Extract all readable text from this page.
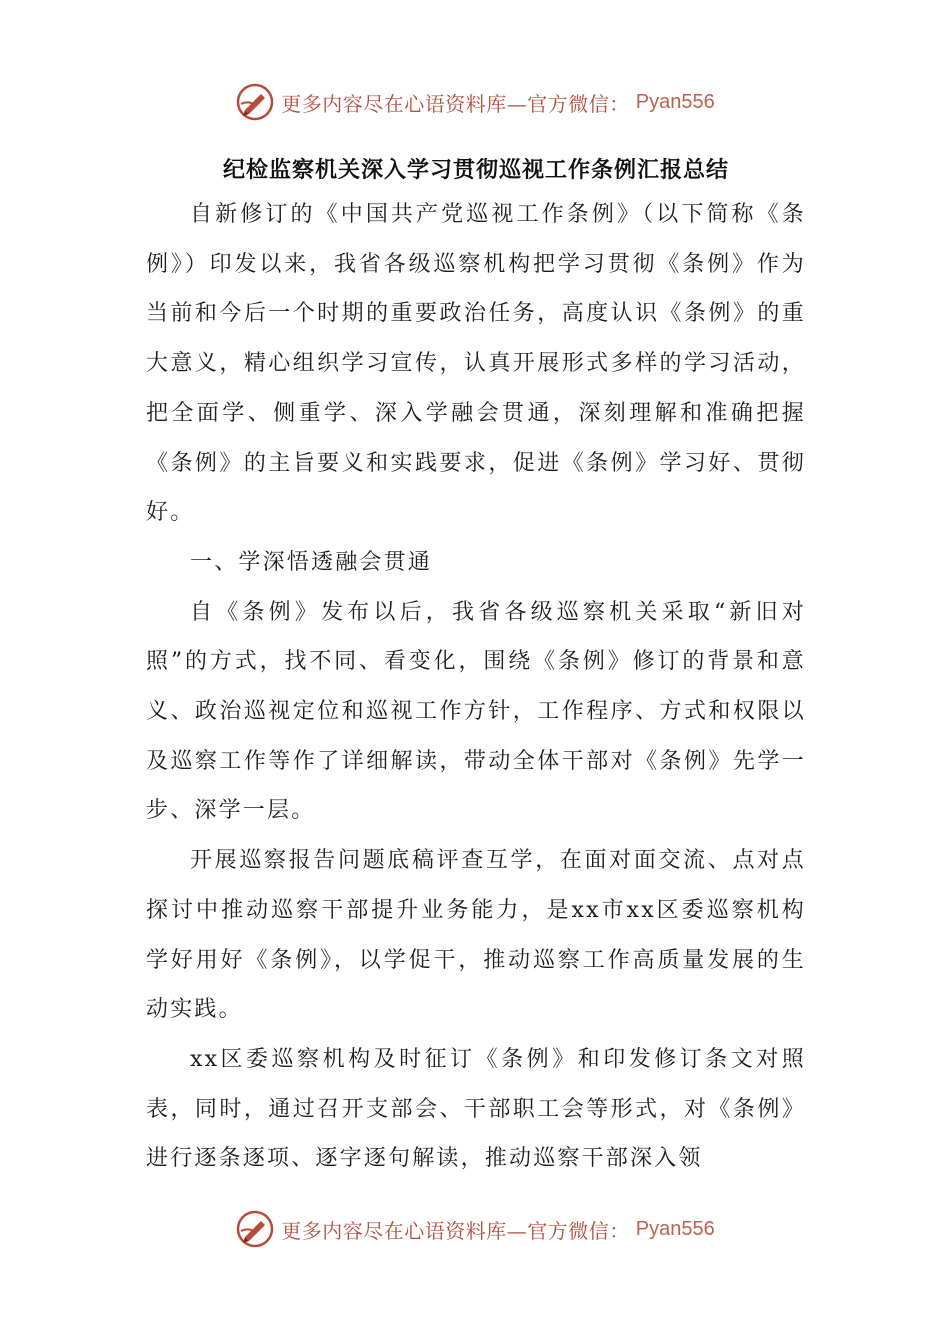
更多内容尽在心语资料库—官方微信： Pyan556
纪检监察机关深入学习贯彻巡视工作条例汇报总结

自新修订的《中国共产党巡视工作条例》（以下简称《条例》）印发以来，我省各级巡察机构把学习贯彻《条例》作为当前和今后一个时期的重要政治任务，高度认识《条例》的重大意义，精心组织学习宣传，认真开展形式多样的学习活动，把全面学、侧重学、深入学融会贯通，深刻理解和准确把握《条例》的主旨要义和实践要求，促进《条例》学习好、贯彻好。

一、学深悟透融会贯通

自《条例》发布以后，我省各级巡察机关采取“新旧对照”的方式，找不同、看变化，围绕《条例》修订的背景和意义、政治巡视定位和巡视工作方针，工作程序、方式和权限以及巡察工作等作了详细解读，带动全体干部对《条例》先学一步、深学一层。

开展巡察报告问题底稿评查互学，在面对面交流、点对点探讨中推动巡察干部提升业务能力，是xx市xx区委巡察机构学好用好《条例》，以学促干，推动巡察工作高质量发展的生动实践。

xx区委巡察机构及时征订《条例》和印发修订条文对照表，同时，通过召开支部会、干部职工会等形式，对《条例》进行逐条逐项、逐字逐句解读，推动巡察干部深入领

更多内容尽在心语资料库—官方微信： Pyan556
